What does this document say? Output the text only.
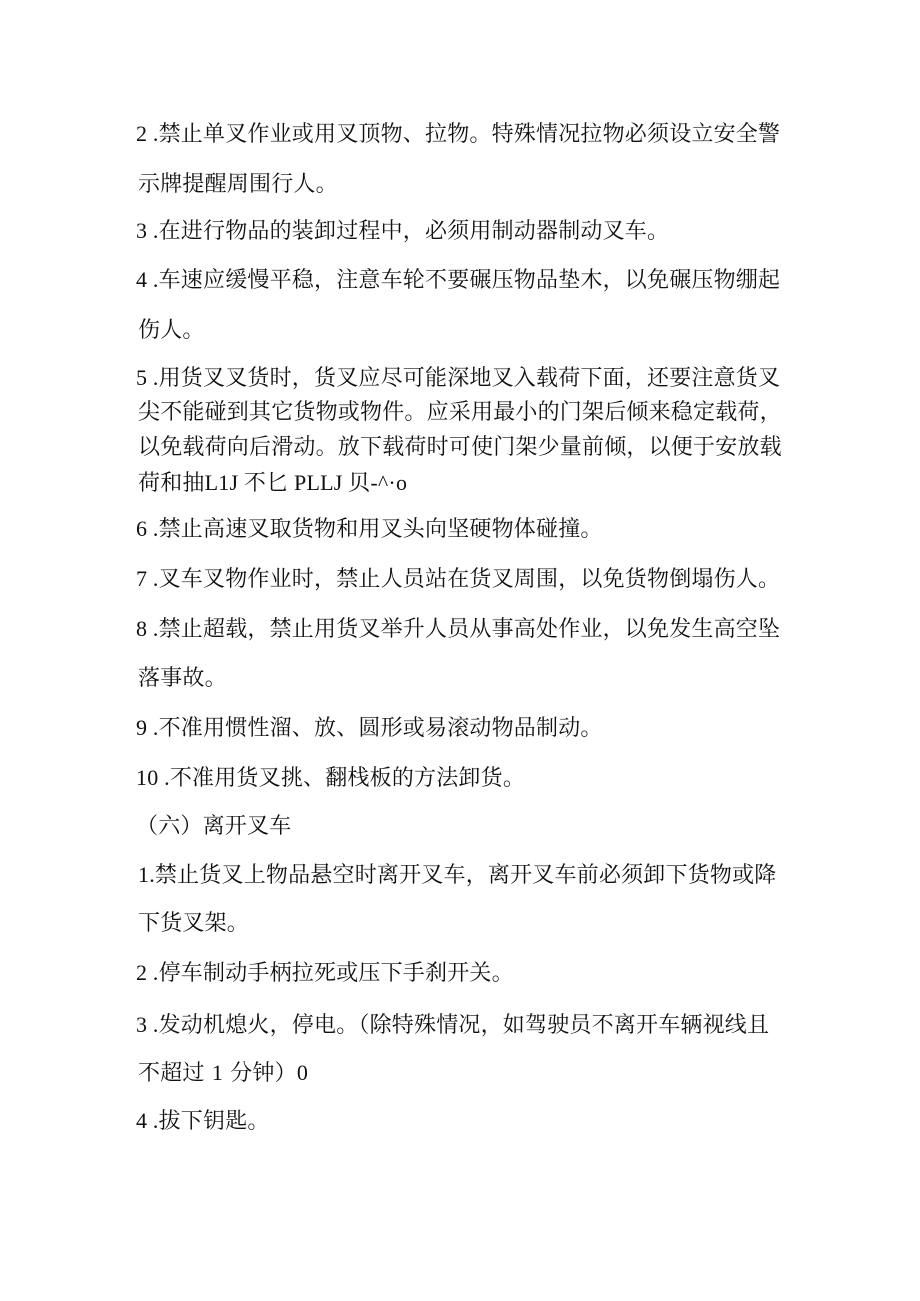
2 .禁止单叉作业或用叉顶物、拉物。特殊情况拉物必须设立安全警
示牌提醒周围行人。
3 .在进行物品的装卸过程中，必须用制动器制动叉车。
4 .车速应缓慢平稳，注意车轮不要碾压物品垫木，以免碾压物绷起
伤人。
5 .用货叉叉货时，货叉应尽可能深地叉入载荷下面，还要注意货叉
尖不能碰到其它货物或物件。应采用最小的门架后倾来稳定载荷，
以免载荷向后滑动。放下载荷时可使门架少量前倾，以便于安放载
荷和抽L1J 不匕 PLLJ 贝-^·o
6 .禁止高速叉取货物和用叉头向坚硬物体碰撞。
7 .叉车叉物作业时，禁止人员站在货叉周围，以免货物倒塌伤人。
8 .禁止超载，禁止用货叉举升人员从事高处作业，以免发生高空坠
落事故。
9 .不准用惯性溜、放、圆形或易滚动物品制动。
10 .不准用货叉挑、翻栈板的方法卸货。
（六）离开叉车
1.禁止货叉上物品悬空时离开叉车，离开叉车前必须卸下货物或降
下货叉架。
2 .停车制动手柄拉死或压下手刹开关。
3 .发动机熄火，停电。（除特殊情况，如驾驶员不离开车辆视线且
不超过 1 分钟）0
4 .拔下钥匙。
